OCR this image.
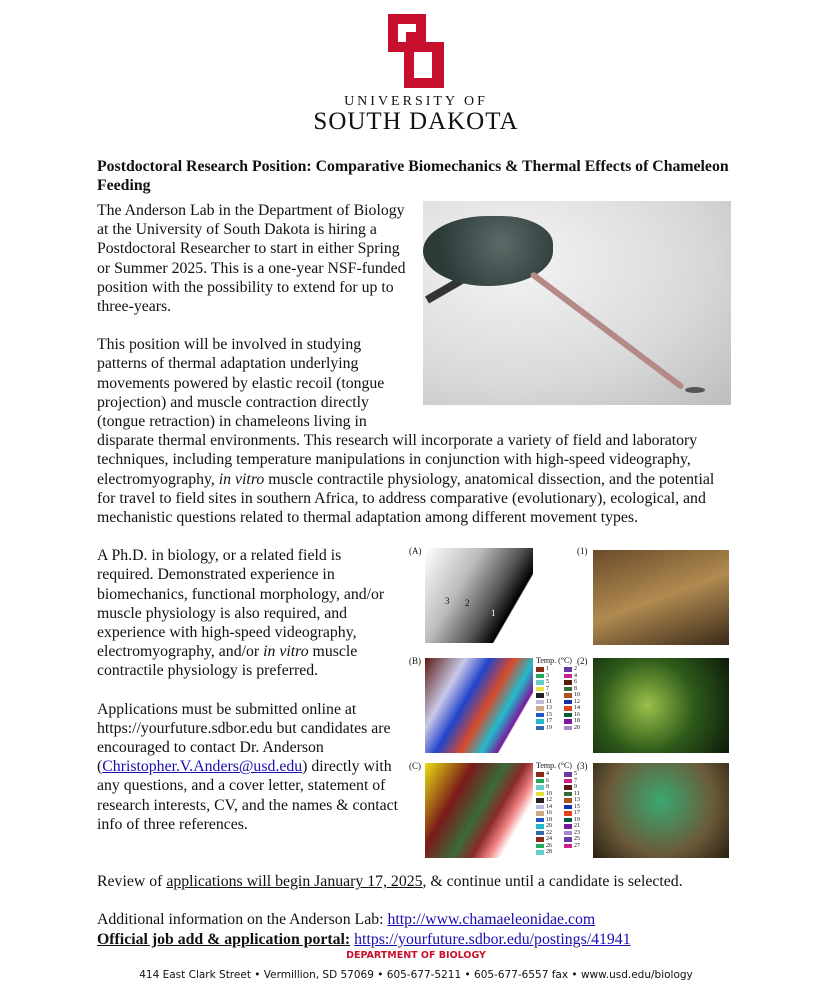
UNIVERSITY OF
SOUTH DAKOTA
Postdoctoral Research Position: Comparative Biomechanics & Thermal Effects of Chameleon Feeding

The Anderson Lab in the Department of Biology at the University of South Dakota is hiring a Postdoctoral Researcher to start in either Spring or Summer 2025. This is a one-year NSF-funded position with the possibility to extend for up to three-years.

This position will be involved in studying patterns of thermal adaptation underlying movements powered by elastic recoil (tongue projection) and muscle contraction directly (tongue retraction) in chameleons living in disparate thermal environments. This research will incorporate a variety of field and laboratory techniques, including temperature manipulations in conjunction with high-speed videography, electromyography, in vitro muscle contractile physiology, anatomical dissection, and the potential for travel to field sites in southern Africa, to address comparative (evolutionary), ecological, and mechanistic questions related to thermal adaptation among different movement types.

(A)
3 2
1
(B)	Temp. (°C)
1	2
3	4
5	6
7	8
9	10
11	12
13	14
15	16
17	18
19	20
(C)	Temp. (°C)
4	5
6	7
8	9
10	11
12	13
14	15
16	17
18	19
20	21
22	23
24	25
26	27
28
(1)
(2)
(3)

A Ph.D. in biology, or a related field is required. Demonstrated experience in biomechanics, functional morphology, and/or muscle physiology is also required, and experience with high-speed videography, electromyography, and/or in vitro muscle contractile physiology is preferred.

Applications must be submitted online at https://yourfuture.sdbor.edu but candidates are encouraged to contact Dr. Anderson (Christopher.V.Anders@usd.edu) directly with any questions, and a cover letter, statement of research interests, CV, and the names & contact info of three references.

Review of applications will begin January 17, 2025, & continue until a candidate is selected.

Additional information on the Anderson Lab: http://www.chamaeleonidae.com
Official job add & application portal: https://yourfuture.sdbor.edu/postings/41941
DEPARTMENT OF BIOLOGY
414 East Clark Street • Vermillion, SD 57069 • 605-677-5211 • 605-677-6557 fax • www.usd.edu/biology
